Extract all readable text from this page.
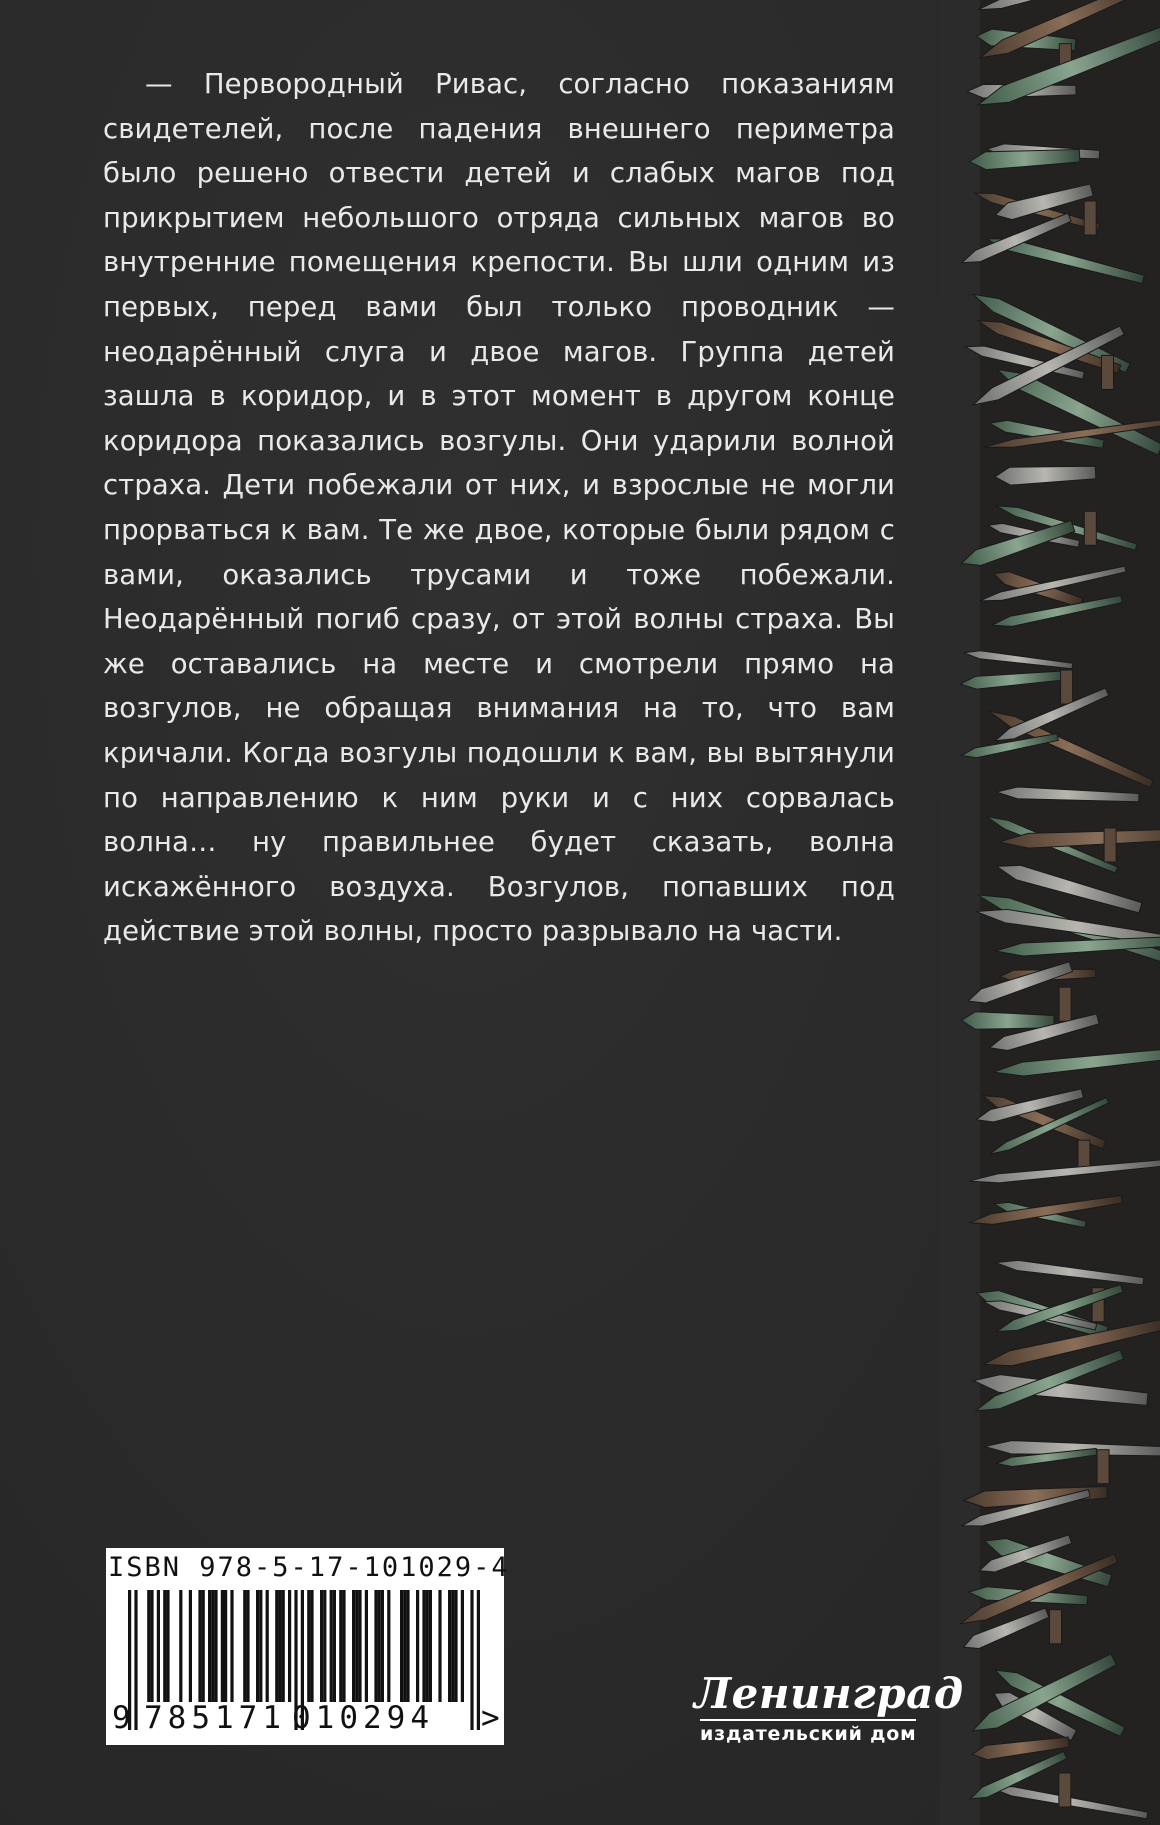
— Первородный Ривас, согласно показаниям свидетелей, после падения внешнего периметра было решено отвести детей и слабых магов под прикрытием небольшого отряда сильных магов во внутренние помещения крепости. Вы шли одним из первых, перед вами был только проводник — неодарённый слуга и двое магов. Группа детей зашла в коридор, и в этот момент в другом конце коридора показались возгулы. Они ударили волной страха. Дети побежали от них, и взрослые не могли прорваться к вам. Те же двое, которые были рядом с вами, оказались трусами и тоже побежали. Неодарённый погиб сразу, от этой волны страха. Вы же оставались на месте и смотрели прямо на возгулов, не обращая внимания на то, что вам кричали. Когда возгулы подошли к вам, вы вытянули по направлению к ним руки и с них сорвалась волна… ну правильнее будет сказать, волна искажённого воздуха. Возгулов, попавших под действие этой волны, просто разрывало на части.

ISBN 978-5-17-101029-4
9 785171 010294 >	Ленинград
издательский дом
